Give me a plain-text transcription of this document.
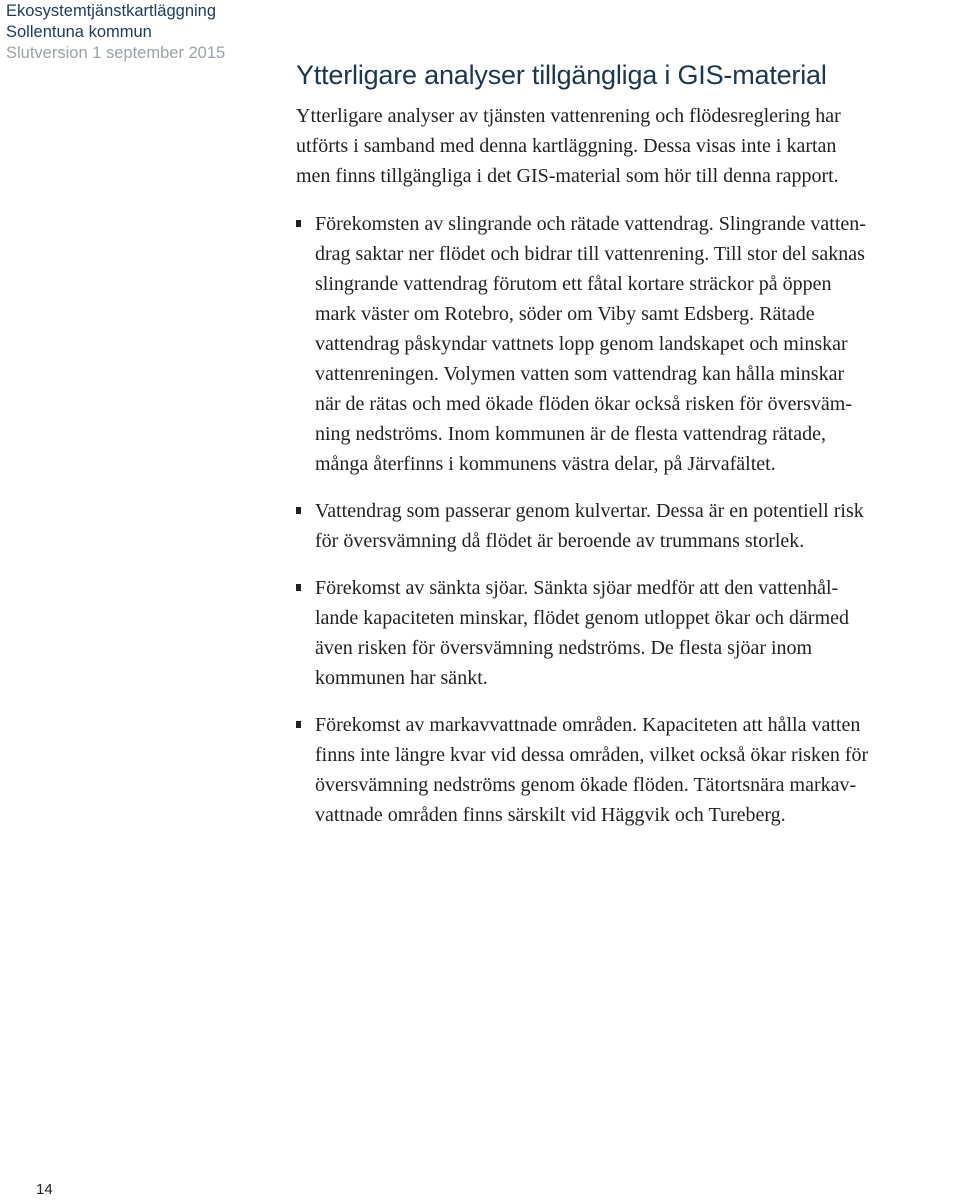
Ekosystemtjänstkartläggning
Sollentuna kommun
Slutversion 1 september 2015
Ytterligare analyser tillgängliga i GIS-material

Ytterligare analyser av tjänsten vattenrening och flödesreglering har
utförts i samband med denna kartläggning. Dessa visas inte i kartan
men finns tillgängliga i det GIS-material som hör till denna rapport.

Förekomsten av slingrande och rätade vattendrag. Slingrande vatten-
drag saktar ner flödet och bidrar till vattenrening. Till stor del saknas
slingrande vattendrag förutom ett fåtal kortare sträckor på öppen
mark väster om Rotebro, söder om Viby samt Edsberg. Rätade
vattendrag påskyndar vattnets lopp genom landskapet och minskar
vattenreningen. Volymen vatten som vattendrag kan hålla minskar
när de rätas och med ökade flöden ökar också risken för översväm-
ning nedströms. Inom kommunen är de flesta vattendrag rätade,
många återfinns i kommunens västra delar, på Järvafältet.
Vattendrag som passerar genom kulvertar. Dessa är en potentiell risk
för översvämning då flödet är beroende av trummans storlek.
Förekomst av sänkta sjöar. Sänkta sjöar medför att den vattenhål-
lande kapaciteten minskar, flödet genom utloppet ökar och därmed
även risken för översvämning nedströms. De flesta sjöar inom
kommunen har sänkt.
Förekomst av markavvattnade områden. Kapaciteten att hålla vatten
finns inte längre kvar vid dessa områden, vilket också ökar risken för
översvämning nedströms genom ökade flöden. Tätortsnära markav-
vattnade områden finns särskilt vid Häggvik och Tureberg.
14
